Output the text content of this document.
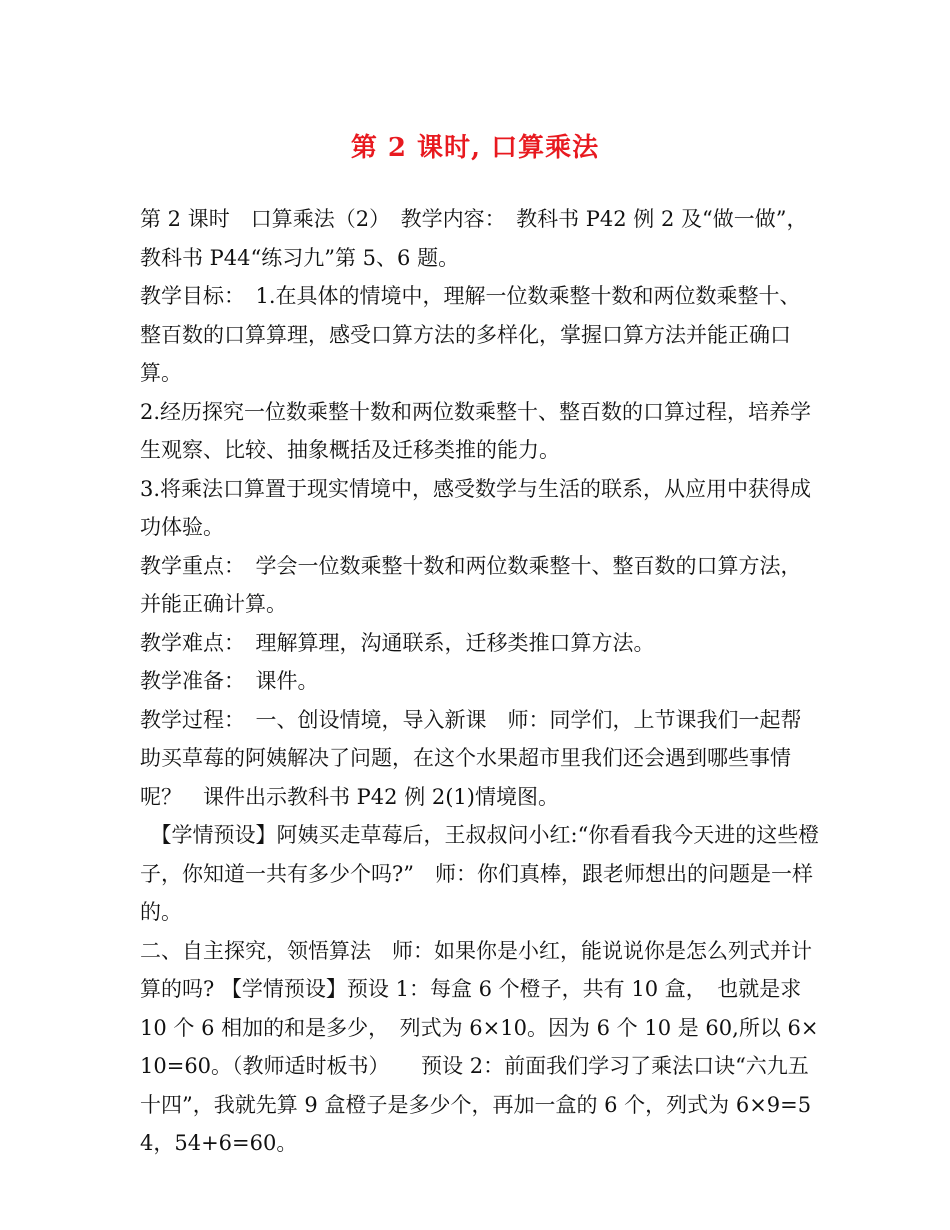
第 2 课时, 口算乘法

第 2 课时　口算乘法（2）　教学内容：　教科书 P42 例 2 及“做一做”，教科书 P44“练习九”第 5、6 题。

教学目标：　1.在具体的情境中，理解一位数乘整十数和两位数乘整十、整百数的口算算理，感受口算方法的多样化，掌握口算方法并能正确口算。

2.经历探究一位数乘整十数和两位数乘整十、整百数的口算过程，培养学生观察、比较、抽象概括及迁移类推的能力。

3.将乘法口算置于现实情境中，感受数学与生活的联系，从应用中获得成功体验。

教学重点：　学会一位数乘整十数和两位数乘整十、整百数的口算方法，并能正确计算。

教学难点：　理解算理，沟通联系，迁移类推口算方法。

教学准备：　课件。

教学过程：　一、创设情境，导入新课　师：同学们，上节课我们一起帮助买草莓的阿姨解决了问题，在这个水果超市里我们还会遇到哪些事情呢？　课件出示教科书 P42 例 2(1)情境图。

　【学情预设】阿姨买走草莓后，王叔叔问小红:“你看看我今天进的这些橙子，你知道一共有多少个吗?”　师：你们真棒，跟老师想出的问题是一样的。

二、自主探究，领悟算法　师：如果你是小红，能说说你是怎么列式并计算的吗? 【学情预设】预设 1：每盒 6 个橙子，共有 10 盒，　也就是求 10 个 6 相加的和是多少，　列式为 6×10。因为 6 个 10 是 60,所以 6×10=60。（教师适时板书）　　预设 2：前面我们学习了乘法口诀“六九五十四”，我就先算 9 盒橙子是多少个，再加一盒的 6 个，列式为 6×9=54，54+6=60。
